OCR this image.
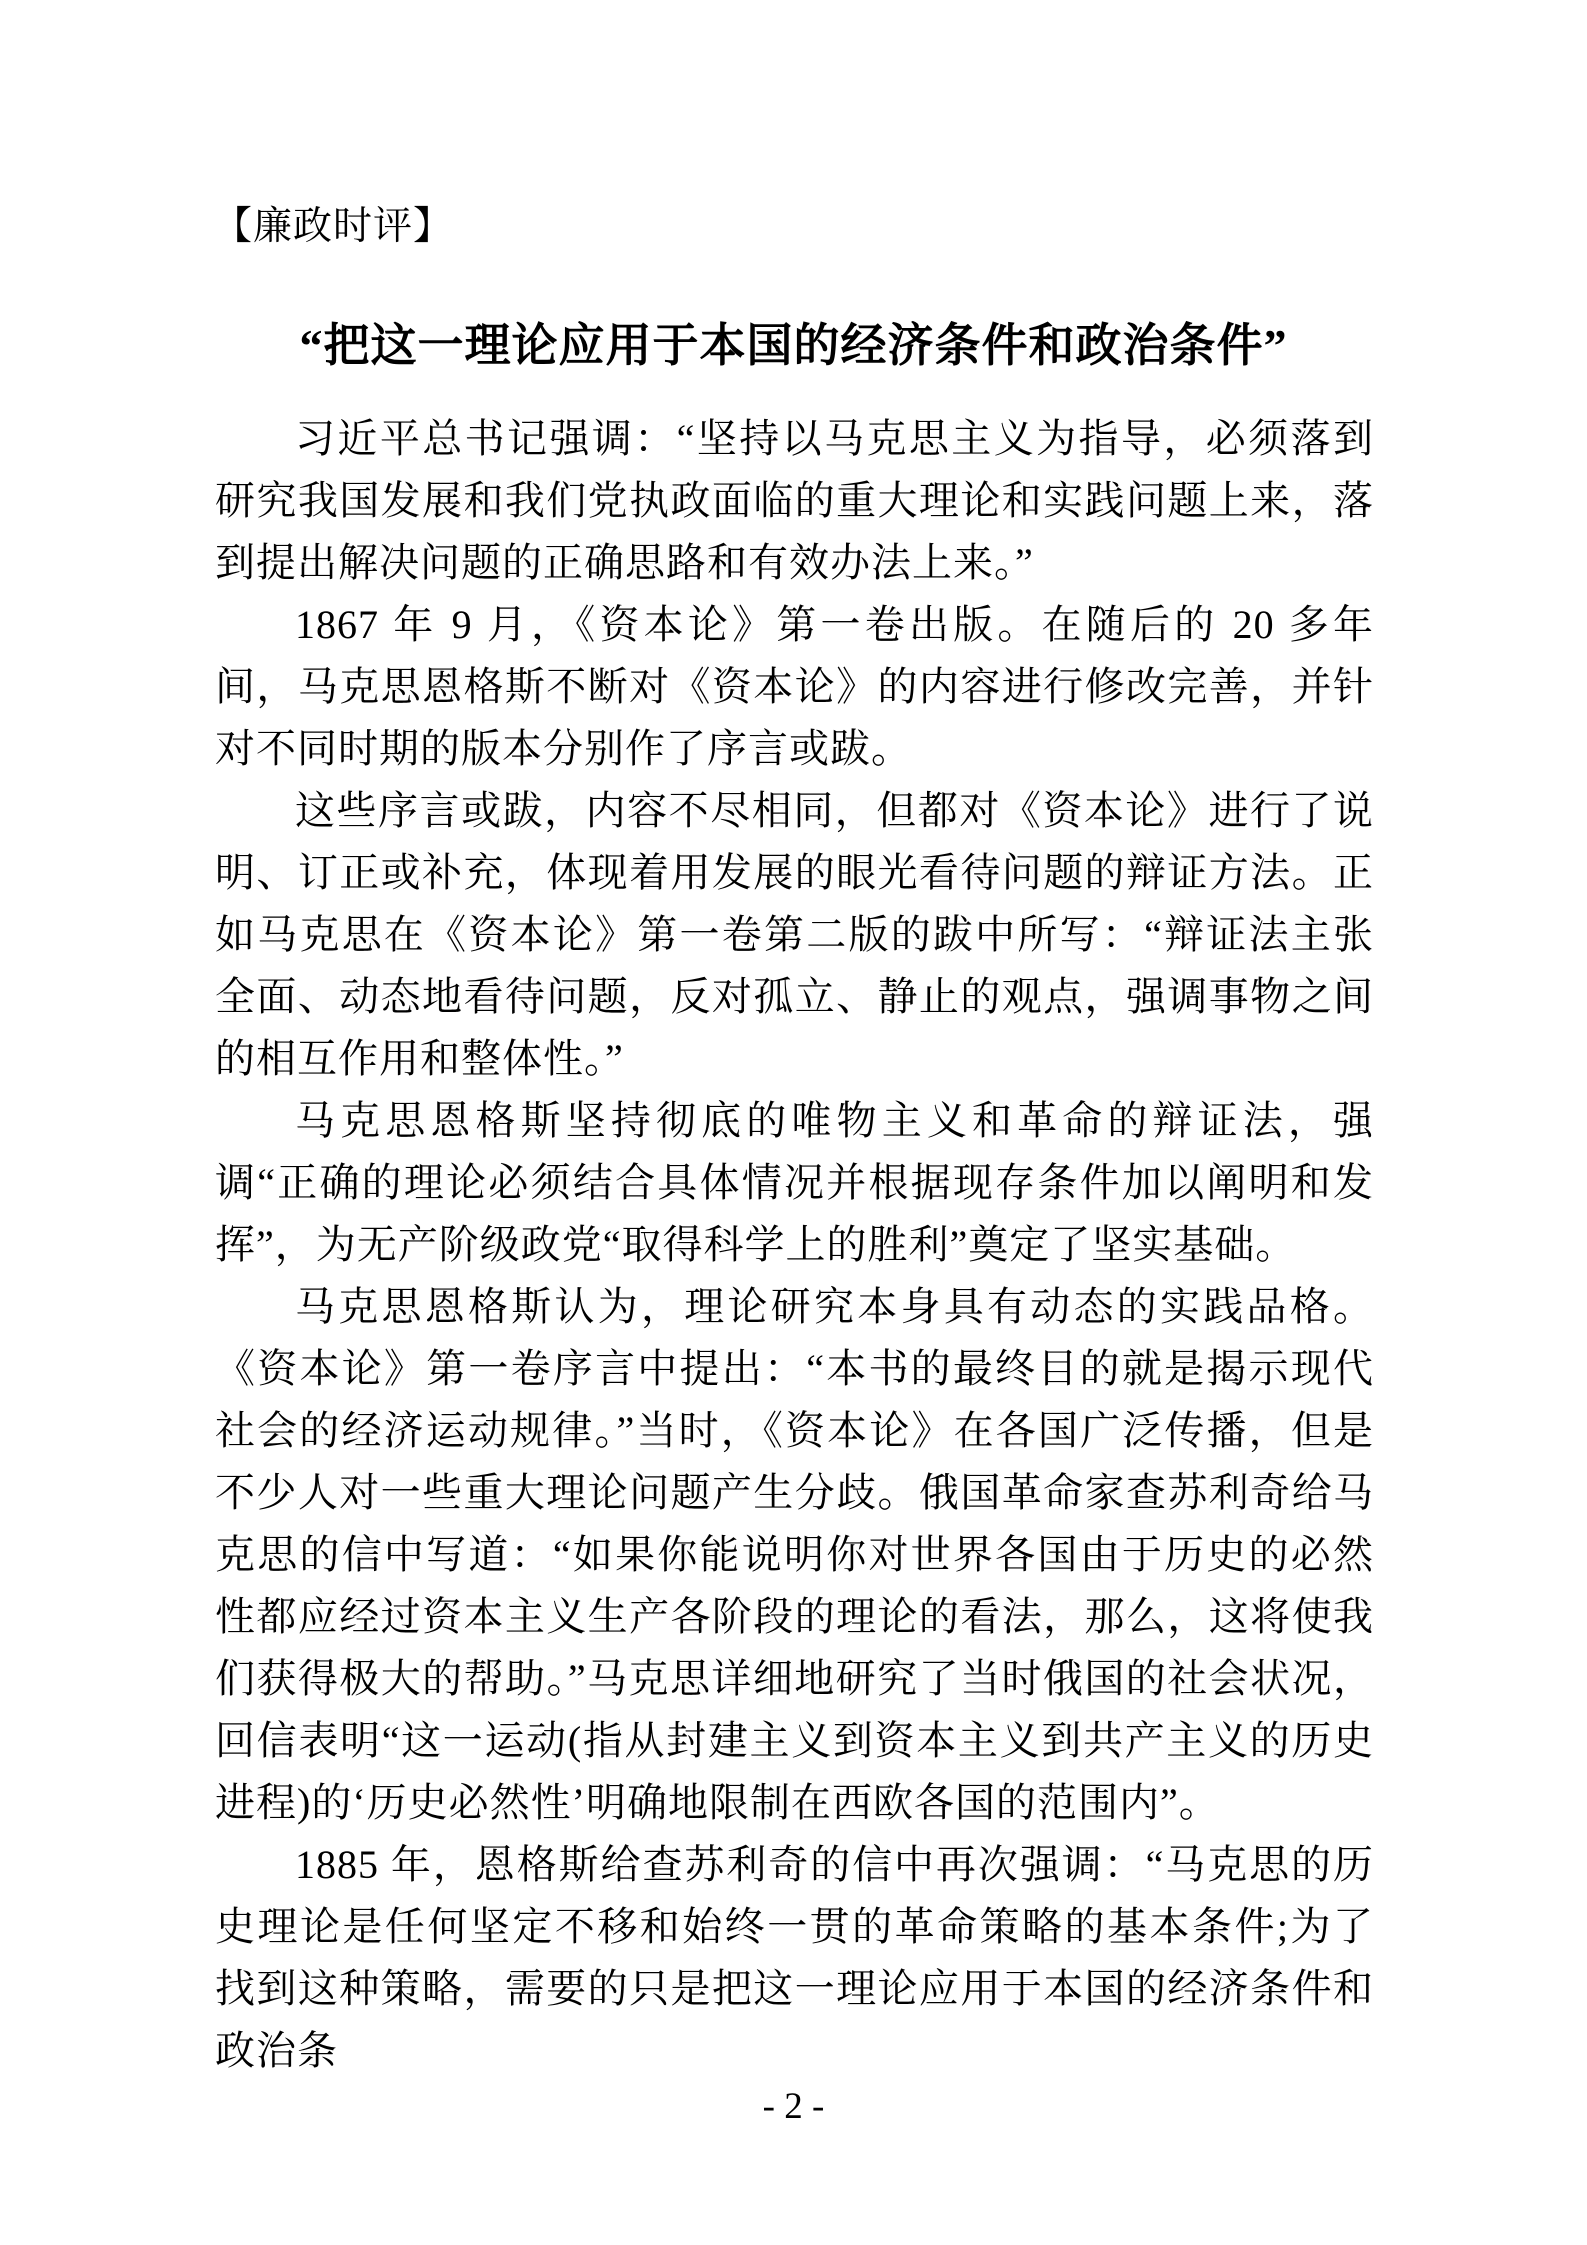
【廉政时评】
“把这一理论应用于本国的经济条件和政治条件”

习近平总书记强调：“坚持以马克思主义为指导，必须落到研究我国发展和我们党执政面临的重大理论和实践问题上来，落到提出解决问题的正确思路和有效办法上来。”

1867 年 9 月，《资本论》第一卷出版。在随后的 20 多年间，马克思恩格斯不断对《资本论》的内容进行修改完善，并针对不同时期的版本分别作了序言或跋。

这些序言或跋，内容不尽相同，但都对《资本论》进行了说明、订正或补充，体现着用发展的眼光看待问题的辩证方法。正如马克思在《资本论》第一卷第二版的跋中所写：“辩证法主张全面、动态地看待问题，反对孤立、静止的观点，强调事物之间的相互作用和整体性。”

马克思恩格斯坚持彻底的唯物主义和革命的辩证法，强调“正确的理论必须结合具体情况并根据现存条件加以阐明和发挥”，为无产阶级政党“取得科学上的胜利”奠定了坚实基础。

马克思恩格斯认为，理论研究本身具有动态的实践品格。《资本论》第一卷序言中提出：“本书的最终目的就是揭示现代社会的经济运动规律。”当时，《资本论》在各国广泛传播，但是不少人对一些重大理论问题产生分歧。俄国革命家查苏利奇给马克思的信中写道：“如果你能说明你对世界各国由于历史的必然性都应经过资本主义生产各阶段的理论的看法，那么，这将使我们获得极大的帮助。”马克思详细地研究了当时俄国的社会状况，回信表明“这一运动(指从封建主义到资本主义到共产主义的历史进程)的‘历史必然性’明确地限制在西欧各国的范围内”。

1885 年，恩格斯给查苏利奇的信中再次强调：“马克思的历史理论是任何坚定不移和始终一贯的革命策略的基本条件;为了找到这种策略，需要的只是把这一理论应用于本国的经济条件和政治条

- 2 -
